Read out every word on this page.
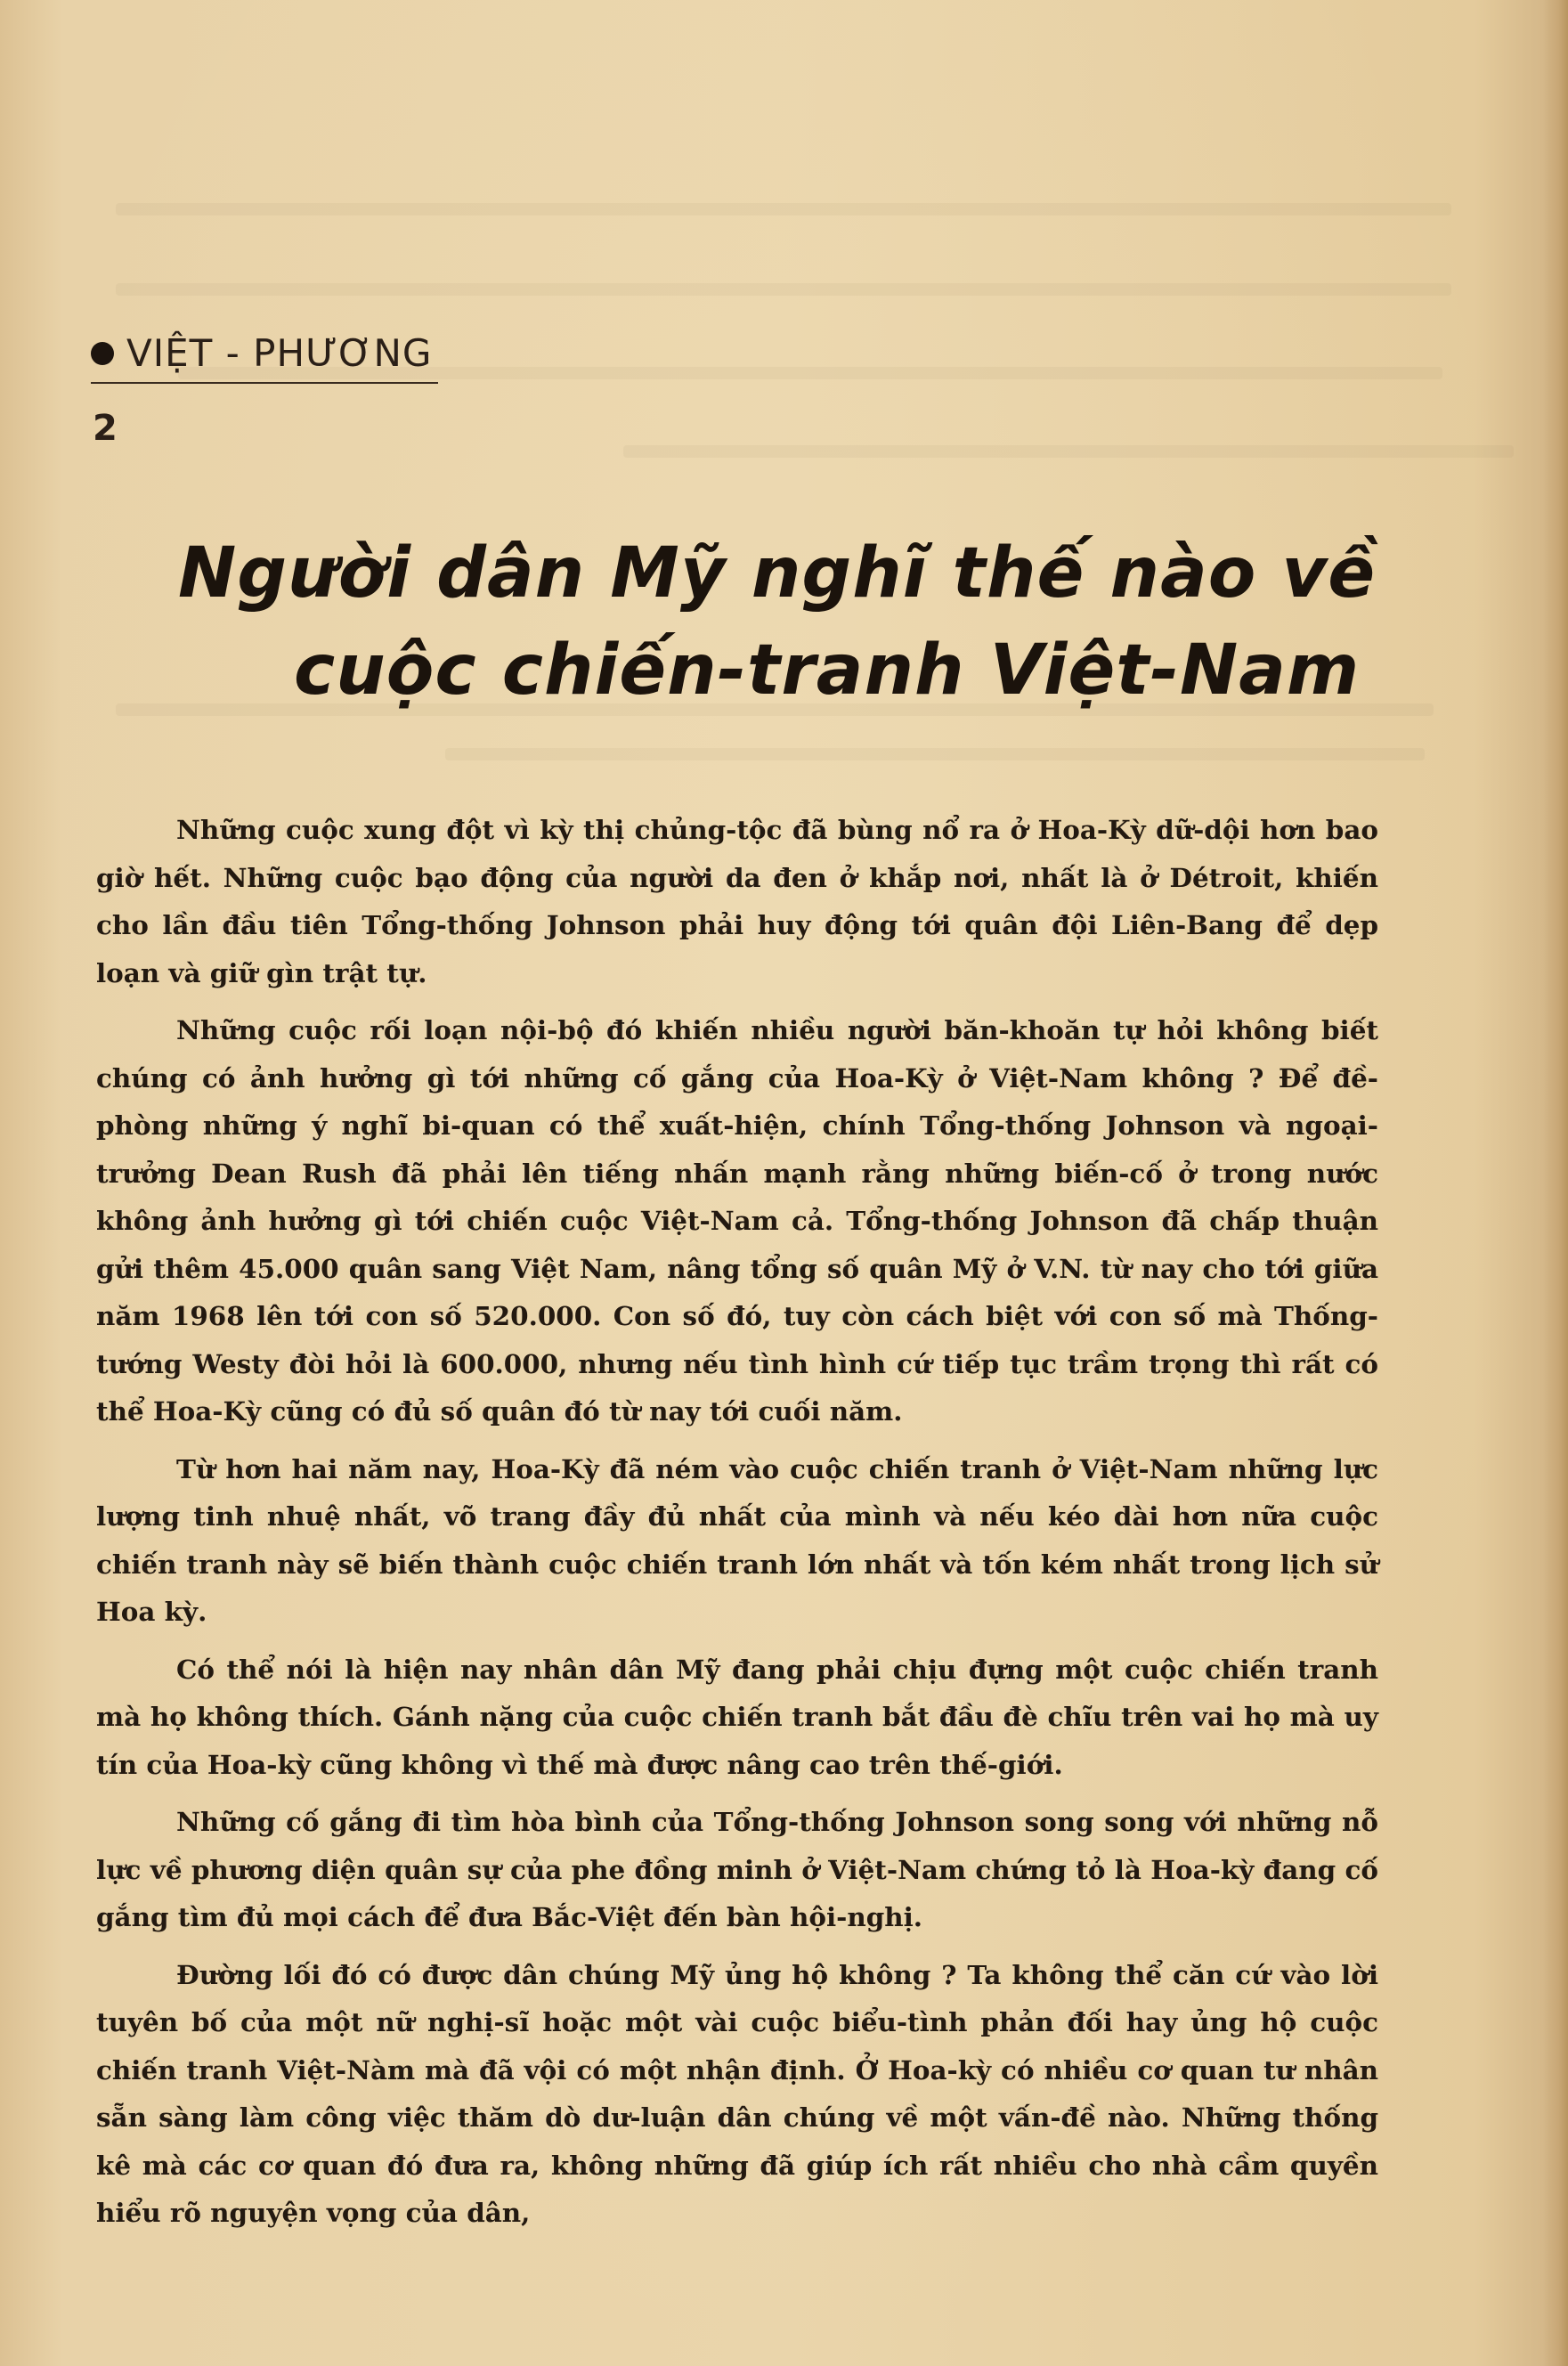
VIỆT - PHƯƠNG
2
Người dân Mỹ nghĩ thế nào về
cuộc chiến-tranh Việt-Nam

Những cuộc xung đột vì kỳ thị chủng-tộc đã bùng nổ ra ở Hoa-Kỳ dữ-dội hơn bao giờ hết. Những cuộc bạo động của người da đen ở khắp nơi, nhất là ở Détroit, khiến cho lần đầu tiên Tổng-thống Johnson phải huy động tới quân đội Liên-Bang để dẹp loạn và giữ gìn trật tự.

Những cuộc rối loạn nội-bộ đó khiến nhiều người băn-khoăn tự hỏi không biết chúng có ảnh hưởng gì tới những cố gắng của Hoa-Kỳ ở Việt-Nam không ? Để đề-phòng những ý nghĩ bi-quan có thể xuất-hiện, chính Tổng-thống Johnson và ngoại-trưởng Dean Rush đã phải lên tiếng nhấn mạnh rằng những biến-cố ở trong nước không ảnh hưởng gì tới chiến cuộc Việt-Nam cả. Tổng-thống Johnson đã chấp thuận gửi thêm 45.000 quân sang Việt Nam, nâng tổng số quân Mỹ ở V.N. từ nay cho tới giữa năm 1968 lên tới con số 520.000. Con số đó, tuy còn cách biệt với con số mà Thống-tướng Westy đòi hỏi là 600.000, nhưng nếu tình hình cứ tiếp tục trầm trọng thì rất có thể Hoa-Kỳ cũng có đủ số quân đó từ nay tới cuối năm.

Từ hơn hai năm nay, Hoa-Kỳ đã ném vào cuộc chiến tranh ở Việt-Nam những lực lượng tinh nhuệ nhất, võ trang đầy đủ nhất của mình và nếu kéo dài hơn nữa cuộc chiến tranh này sẽ biến thành cuộc chiến tranh lớn nhất và tốn kém nhất trong lịch sử Hoa kỳ.

Có thể nói là hiện nay nhân dân Mỹ đang phải chịu đựng một cuộc chiến tranh mà họ không thích. Gánh nặng của cuộc chiến tranh bắt đầu đè chĩu trên vai họ mà uy tín của Hoa-kỳ cũng không vì thế mà được nâng cao trên thế-giới.

Những cố gắng đi tìm hòa bình của Tổng-thống Johnson song song với những nỗ lực về phương diện quân sự của phe đồng minh ở Việt-Nam chứng tỏ là Hoa-kỳ đang cố gắng tìm đủ mọi cách để đưa Bắc-Việt đến bàn hội-nghị.

Đường lối đó có được dân chúng Mỹ ủng hộ không ? Ta không thể căn cứ vào lời tuyên bố của một nữ nghị-sĩ hoặc một vài cuộc biểu-tình phản đối hay ủng hộ cuộc chiến tranh Việt-Nàm mà đã vội có một nhận định. Ở Hoa-kỳ có nhiều cơ quan tư nhân sẵn sàng làm công việc thăm dò dư-luận dân chúng về một vấn-đề nào. Những thống kê mà các cơ quan đó đưa ra, không những đã giúp ích rất nhiều cho nhà cầm quyền hiểu rõ nguyện vọng của dân,
